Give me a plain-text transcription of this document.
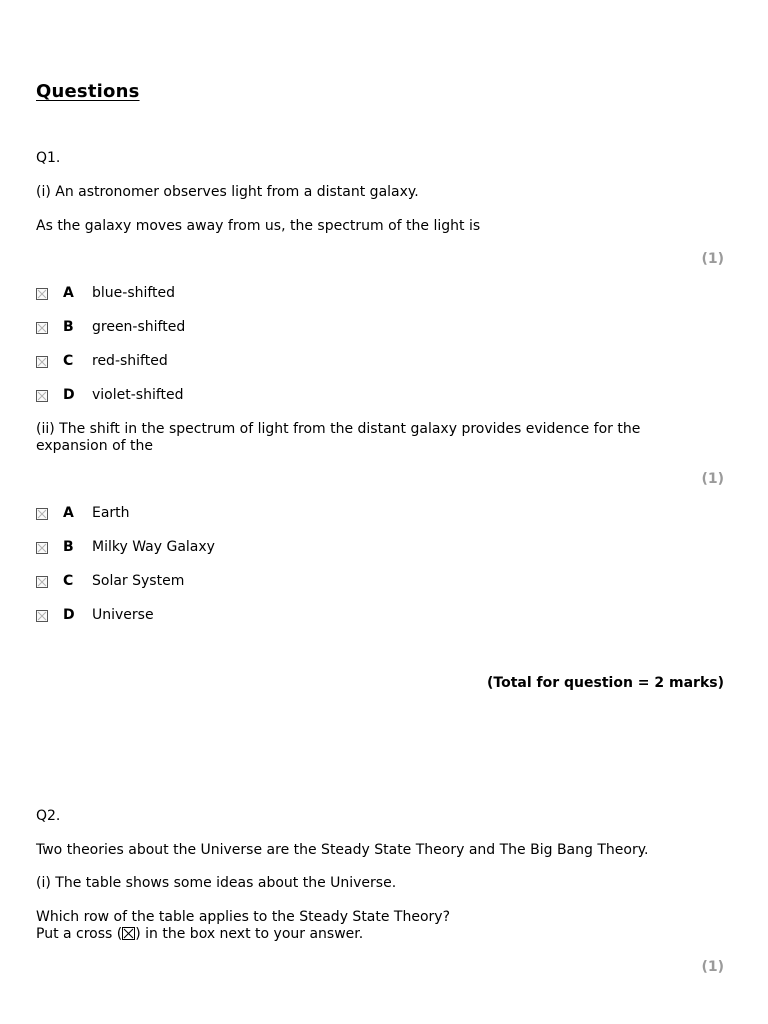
Questions
Q1.
(i) An astronomer observes light from a distant galaxy.
As the galaxy moves away from us, the spectrum of the light is
(1)
A	blue-shifted
B	green-shifted
C	red-shifted
D	violet-shifted
(ii) The shift in the spectrum of light from the distant galaxy provides evidence for the expansion of the
(1)
A	Earth
B	Milky Way Galaxy
C	Solar System
D	Universe
(Total for question = 2 marks)
Q2.
Two theories about the Universe are the Steady State Theory and The Big Bang Theory.
(i) The table shows some ideas about the Universe.
Which row of the table applies to the Steady State Theory?
Put a cross (☒) in the box next to your answer.
(1)
